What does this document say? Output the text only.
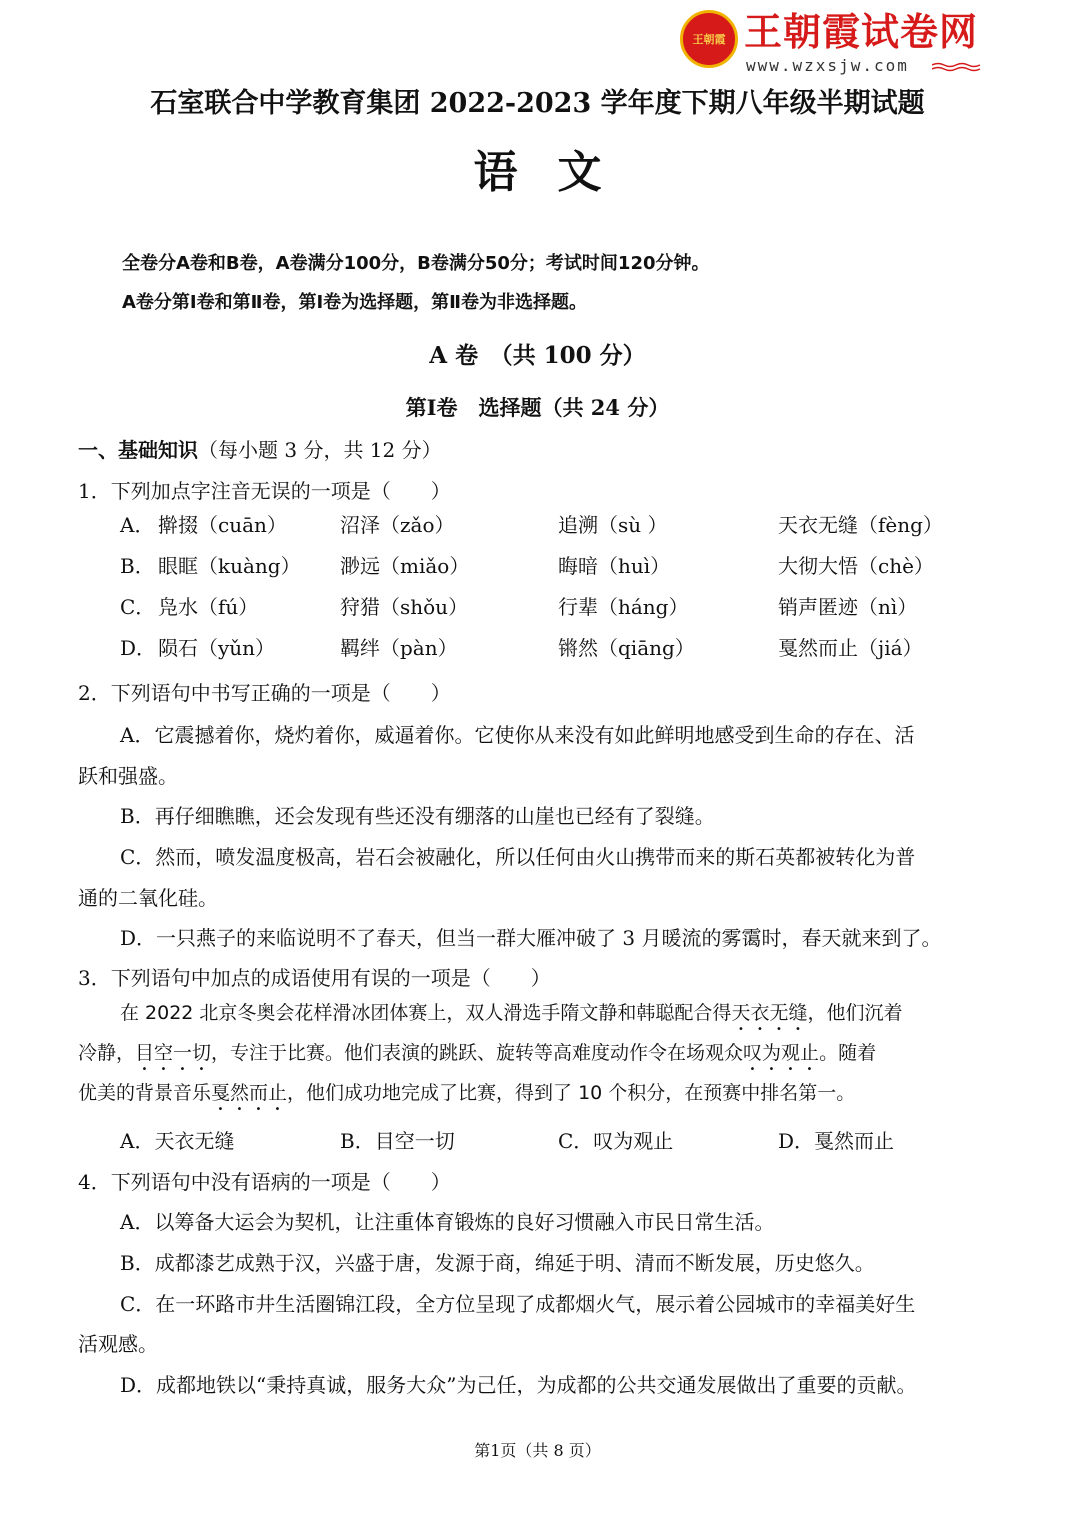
王朝霞 王朝霞试卷网
www.wzxsjw.com
石室联合中学教育集团 2022-2023 学年度下期八年级半期试题
语文
全卷分A卷和B卷，A卷满分100分，B卷满分50分；考试时间120分钟。
A卷分第Ⅰ卷和第Ⅱ卷，第Ⅰ卷为选择题，第Ⅱ卷为非选择题。
A 卷　（共 100 分）
第Ⅰ卷　选择题（共 24 分）
一、基础知识（每小题 3 分，共 12 分）
1．下列加点字注音无误的一项是（　　）
A． 擀掇（cuān）	沼泽（zǎo）	追溯（sù ）	天衣无缝（fèng）
B． 眼眶（kuàng） 渺远（miǎo）	晦暗（huì）	大彻大悟（chè）
C． 凫水（fú）	狩猎（shǒu）	行辈（háng）	销声匿迹（nì）
D． 陨石（yǔn）	羁绊（pàn）	锵然（qiāng）	戛然而止（jiá）
2．下列语句中书写正确的一项是（　　）
A．它震撼着你，烧灼着你，威逼着你。它使你从来没有如此鲜明地感受到生命的存在、活
跃和强盛。
B．再仔细瞧瞧，还会发现有些还没有绷落的山崖也已经有了裂缝。
C．然而，喷发温度极高，岩石会被融化，所以任何由火山携带而来的斯石英都被转化为普
通的二氧化硅。
D．一只燕子的来临说明不了春天，但当一群大雁冲破了 3 月暖流的雾霭时，春天就来到了。
3．下列语句中加点的成语使用有误的一项是（　　）
在 2022 北京冬奥会花样滑冰团体赛上，双人滑选手隋文静和韩聪配合得天衣无缝，他们沉着
冷静，目空一切，专注于比赛。他们表演的跳跃、旋转等高难度动作令在场观众叹为观止。随着
优美的背景音乐戛然而止，他们成功地完成了比赛，得到了 10 个积分，在预赛中排名第一。
A．天衣无缝	B．目空一切	C．叹为观止	D．戛然而止
4．下列语句中没有语病的一项是（　　）
A．以筹备大运会为契机，让注重体育锻炼的良好习惯融入市民日常生活。
B．成都漆艺成熟于汉，兴盛于唐，发源于商，绵延于明、清而不断发展，历史悠久。
C．在一环路市井生活圈锦江段，全方位呈现了成都烟火气，展示着公园城市的幸福美好生
活观感。
D．成都地铁以“秉持真诚，服务大众”为己任，为成都的公共交通发展做出了重要的贡献。
第1页（共 8 页）
